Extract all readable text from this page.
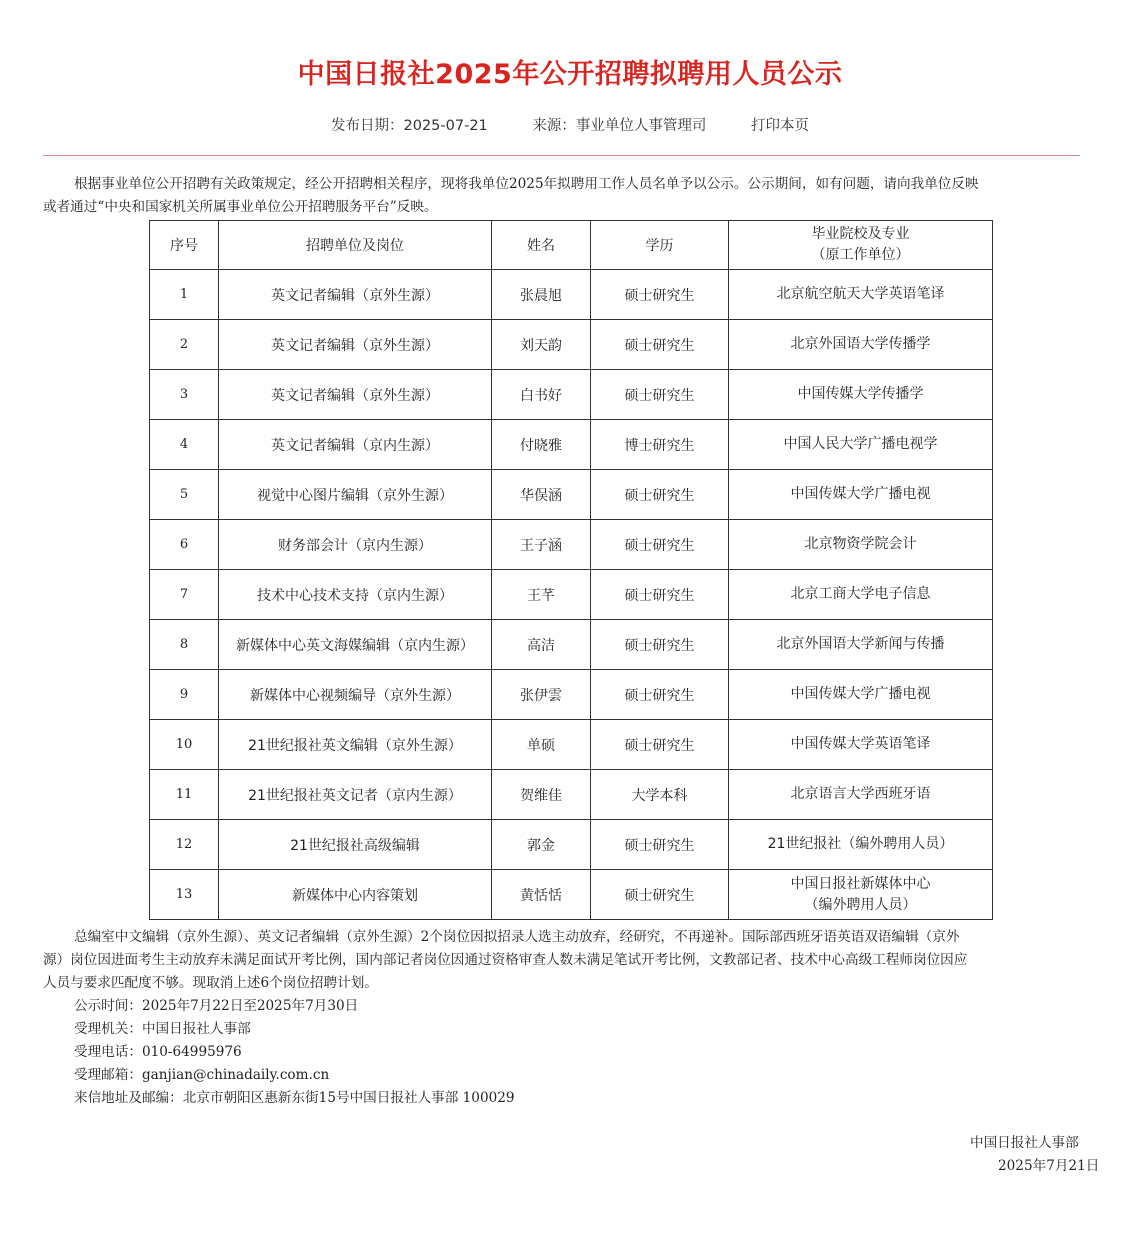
中国日报社2025年公开招聘拟聘用人员公示
发布日期：2025-07-21	来源：事业单位人事管理司	打印本页
根据事业单位公开招聘有关政策规定，经公开招聘相关程序，现将我单位2025年拟聘用工作人员名单予以公示。公示期间，如有问题，请向我单位反映
或者通过“中央和国家机关所属事业单位公开招聘服务平台”反映。
序号	招聘单位及岗位	姓名	学历	毕业院校及专业
（原工作单位）
1	英文记者编辑（京外生源）	张晨旭	硕士研究生	北京航空航天大学英语笔译
2	英文记者编辑（京外生源）	刘天韵	硕士研究生	北京外国语大学传播学
3	英文记者编辑（京外生源）	白书好	硕士研究生	中国传媒大学传播学
4	英文记者编辑（京内生源）	付晓雅	博士研究生	中国人民大学广播电视学
5	视觉中心图片编辑（京外生源）	华俣涵	硕士研究生	中国传媒大学广播电视
6	财务部会计（京内生源）	王子涵	硕士研究生	北京物资学院会计
7	技术中心技术支持（京内生源）	王芊	硕士研究生	北京工商大学电子信息
8	新媒体中心英文海媒编辑（京内生源）	高洁	硕士研究生	北京外国语大学新闻与传播
9	新媒体中心视频编导（京外生源）	张伊雲	硕士研究生	中国传媒大学广播电视
10	21世纪报社英文编辑（京外生源）	单硕	硕士研究生	中国传媒大学英语笔译
11	21世纪报社英文记者（京内生源）	贺维佳	大学本科	北京语言大学西班牙语
12	21世纪报社高级编辑	郭金	硕士研究生	21世纪报社（编外聘用人员）
13	新媒体中心内容策划	黄恬恬	硕士研究生	中国日报社新媒体中心
（编外聘用人员）
总编室中文编辑（京外生源）、英文记者编辑（京外生源）2个岗位因拟招录人选主动放弃，经研究，不再递补。国际部西班牙语英语双语编辑（京外
源）岗位因进面考生主动放弃未满足面试开考比例，国内部记者岗位因通过资格审查人数未满足笔试开考比例，文教部记者、技术中心高级工程师岗位因应
人员与要求匹配度不够。现取消上述6个岗位招聘计划。
公示时间：2025年7月22日至2025年7月30日
受理机关：中国日报社人事部
受理电话：010-64995976
受理邮箱：ganjian@chinadaily.com.cn
来信地址及邮编：北京市朝阳区惠新东街15号中国日报社人事部 100029
中国日报社人事部
2025年7月21日
